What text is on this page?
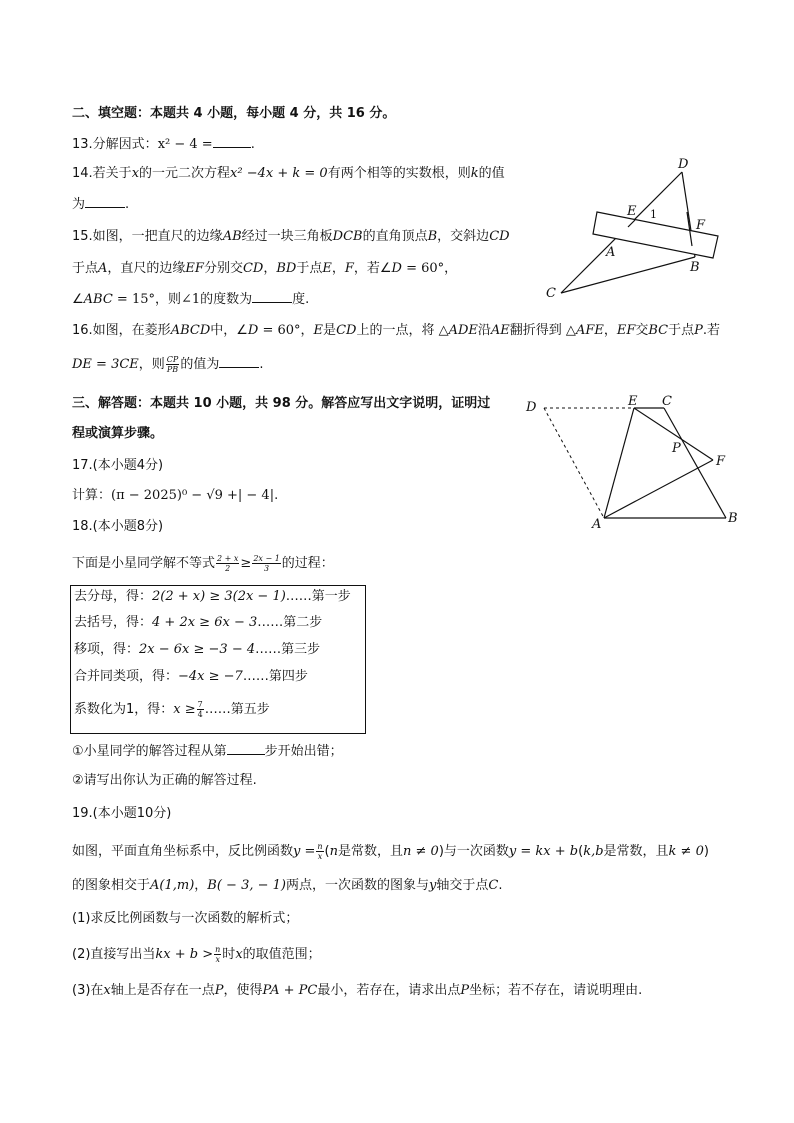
二、填空题：本题共 4 小题，每小题 4 分，共 16 分。
13.分解因式：x² − 4 =	.
14.若关于x的一元二次方程x² −4x + k = 0有两个相等的实数根，则k的值
为	.
15.如图，一把直尺的边缘AB经过一块三角板DCB的直角顶点B，交斜边CD
于点A，直尺的边缘EF分别交CD，BD于点E，F，若∠D = 60°，
∠ABC = 15°，则∠1的度数为	度.
16.如图，在菱形ABCD中，∠D = 60°，E是CD上的一点，将 △ADE沿AE翻折得到 △AFE，EF交BC于点P.若
DE = 3CE，则 $\frac{CP}{PB}$ 的值为	.
三、解答题：本题共 10 小题，共 98 分。解答应写出文字说明，证明过
程或演算步骤。
17.(本小题4分)
计算：(π − 2025)⁰ − √9 +| − 4|.
18.(本小题8分)
下面是小星同学解不等式 $\frac{2 + x}{2} \ge \frac{2x - 1}{3}$ 的过程：
去分母，得：2(2 + x) ≥ 3(2x − 1)……第一步
去括号，得：4 + 2x ≥ 6x − 3……第二步
移项，得：2x − 6x ≥ −3 − 4……第三步
合并同类项，得：−4x ≥ −7……第四步
系数化为1，得：$x \ge \frac{7}{4}$ ……第五步
①小星同学的解答过程从第	步开始出错；
②请写出你认为正确的解答过程.
19.(本小题10分)
如图，平面直角坐标系中，反比例函数$y = \frac{n}{x} (n$是常数，且n ≠ 0)与一次函数y = kx + b(k,b是常数，且k ≠ 0)
的图象相交于A(1,m)，B( − 3, − 1)两点，一次函数的图象与y轴交于点C.
(1)求反比例函数与一次函数的解析式；
(2)直接写出当kx + $b > \frac{n}{x}$ 时x的取值范围；
(3)在x轴上是否存在一点P，使得PA + PC最小，若存在，请求出点P坐标；若不存在，请说明理由.
D
E 1
F
A
B
C
D	E C
P
F
A	B
